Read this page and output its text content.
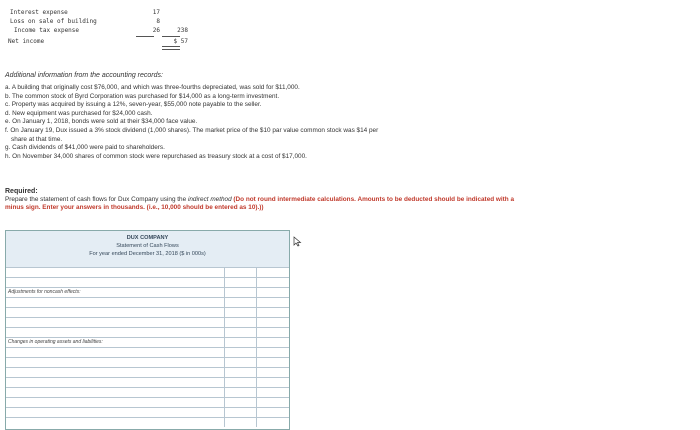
Interest expense	17
Loss on sale of building	8
Income tax expense	26	238
Net income	$ 57
Additional information from the accounting records:
a. A building that originally cost $76,000, and which was three-fourths depreciated, was sold for $11,000.
b. The common stock of Byrd Corporation was purchased for $14,000 as a long-term investment.
c. Property was acquired by issuing a 12%, seven-year, $55,000 note payable to the seller.
d. New equipment was purchased for $24,000 cash.
e. On January 1, 2018, bonds were sold at their $34,000 face value.
f. On January 19, Dux issued a 3% stock dividend (1,000 shares). The market price of the $10 par value common stock was $14 per
share at that time.
g. Cash dividends of $41,000 were paid to shareholders.
h. On November 34,000 shares of common stock were repurchased as treasury stock at a cost of $17,000.
Required:
Prepare the statement of cash flows for Dux Company using the indirect method (Do not round intermediate calculations. Amounts to be deducted should be indicated with a minus sign. Enter your answers in thousands. (i.e., 10,000 should be entered as 10).))
DUX COMPANY
Statement of Cash Flows
For year ended December 31, 2018 ($ in 000s)
Adjustments for noncash effects:
Changes in operating assets and liabilities:
